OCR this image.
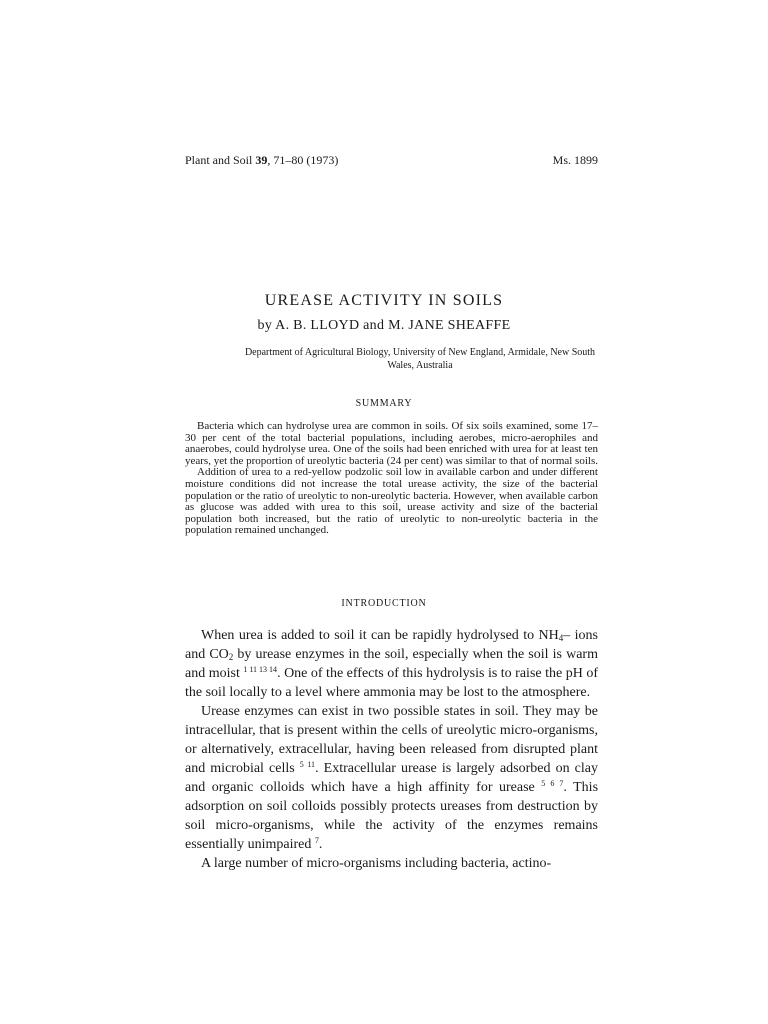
Plant and Soil 39, 71–80 (1973)	Ms. 1899
UREASE ACTIVITY IN SOILS
by A. B. LLOYD and M. JANE SHEAFFE
Department of Agricultural Biology, University of New England, Armidale, New South Wales, Australia
SUMMARY

Bacteria which can hydrolyse urea are common in soils. Of six soils examined, some 17–30 per cent of the total bacterial populations, including aerobes, micro-aerophiles and anaerobes, could hydrolyse urea. One of the soils had been enriched with urea for at least ten years, yet the proportion of ureolytic bacteria (24 per cent) was similar to that of normal soils.

Addition of urea to a red-yellow podzolic soil low in available carbon and under different moisture conditions did not increase the total urease activity, the size of the bacterial population or the ratio of ureolytic to non-ureolytic bacteria. However, when available carbon as glucose was added with urea to this soil, urease activity and size of the bacterial population both increased, but the ratio of ureolytic to non-ureolytic bacteria in the population remained unchanged.

INTRODUCTION

When urea is added to soil it can be rapidly hydrolysed to $NH_4-$ ions and $CO_2$ by urease enzymes in the soil, especially when the soil is warm and moist $^{1 11 13 14}$. One of the effects of this hydrolysis is to raise the pH of the soil locally to a level where ammonia may be lost to the atmosphere.

Urease enzymes can exist in two possible states in soil. They may be intracellular, that is present within the cells of ureolytic micro-organisms, or alternatively, extracellular, having been released from disrupted plant and microbial cells $^{5 11}$. Extracellular urease is largely adsorbed on clay and organic colloids which have a high affinity for urease $^{5 6 7}$. This adsorption on soil colloids possibly protects ureases from destruction by soil micro-organisms, while the activity of the enzymes remains essentially unimpaired $^7$.

A large number of micro-organisms including bacteria, actino-
